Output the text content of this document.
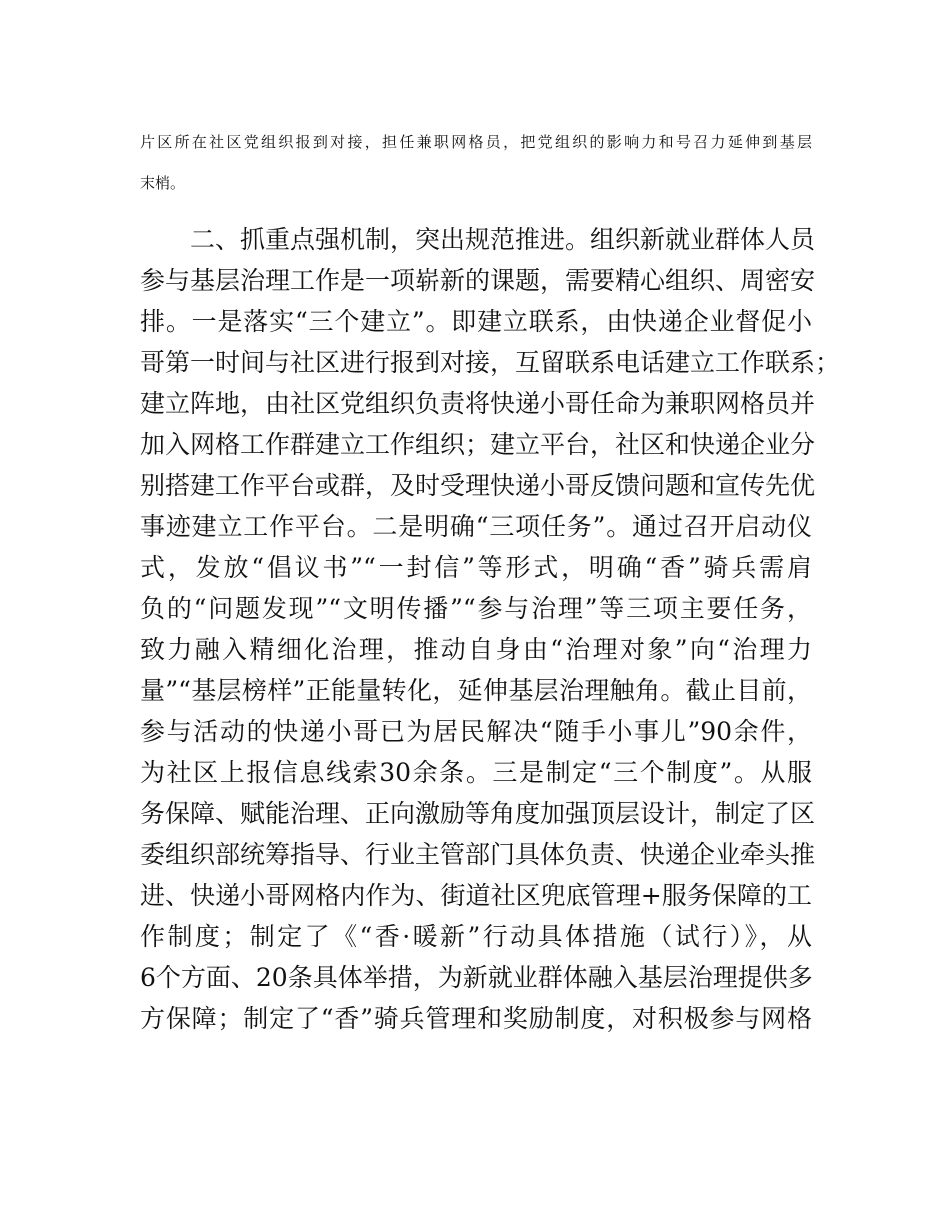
片区所在社区党组织报到对接，担任兼职网格员，把党组织的影响力和号召力延伸到基层
末梢。
二、抓重点强机制，突出规范推进。组织新就业群体人员
参与基层治理工作是一项崭新的课题，需要精心组织、周密安
排。一是落实“三个建立”。即建立联系，由快递企业督促小
哥第一时间与社区进行报到对接，互留联系电话建立工作联系；
建立阵地，由社区党组织负责将快递小哥任命为兼职网格员并
加入网格工作群建立工作组织；建立平台，社区和快递企业分
别搭建工作平台或群，及时受理快递小哥反馈问题和宣传先优
事迹建立工作平台。二是明确“三项任务”。通过召开启动仪
式，发放“倡议书”“一封信”等形式，明确“香”骑兵需肩
负的“问题发现”“文明传播”“参与治理”等三项主要任务，
致力融入精细化治理，推动自身由“治理对象”向“治理力
量”“基层榜样”正能量转化，延伸基层治理触角。截止目前，
参与活动的快递小哥已为居民解决“随手小事儿”90余件，
为社区上报信息线索30余条。三是制定“三个制度”。从服
务保障、赋能治理、正向激励等角度加强顶层设计，制定了区
委组织部统筹指导、行业主管部门具体负责、快递企业牵头推
进、快递小哥网格内作为、街道社区兜底管理+服务保障的工
作制度；制定了《“香·暖新”行动具体措施（试行）》，从
6个方面、20条具体举措，为新就业群体融入基层治理提供多
方保障；制定了“香”骑兵管理和奖励制度，对积极参与网格
